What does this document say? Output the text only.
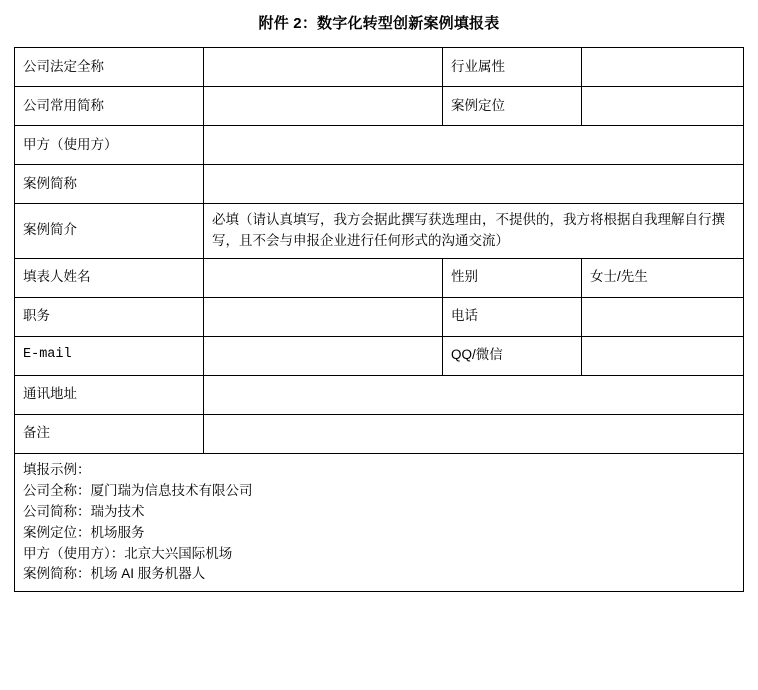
附件 2：数字化转型创新案例填报表
公司法定全称		行业属性	
公司常用简称		案例定位	
甲方（使用方）			
案例简称			
案例简介	必填（请认真填写，我方会据此撰写获选理由，不提供的，我方将根据自我理解自行撰写，且不会与申报企业进行任何形式的沟通交流）		
填表人姓名		性别	女士/先生
职务		电话	
E-mail		QQ/微信	
通讯地址			
备注			

填报示例：
公司全称：厦门瑞为信息技术有限公司
公司简称：瑞为技术
案例定位：机场服务
甲方（使用方）：北京大兴国际机场
案例简称：机场 AI 服务机器人
